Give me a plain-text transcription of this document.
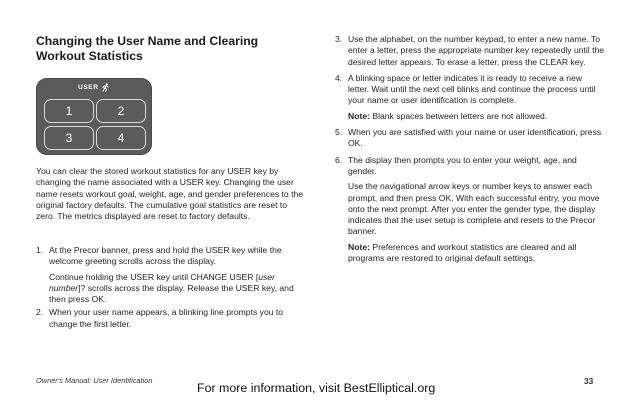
Changing the User Name and Clearing
Workout Statistics
USER
1	2
3	4

You can clear the stored workout statistics for any USER key by changing the name associated with a USER key. Changing the user name resets workout goal, weight, age, and gender preferences to the original factory defaults. The cumulative goal statistics are reset to zero. The metrics displayed are reset to factory defaults.

1. At the Precor banner, press and hold the USER key while the welcome greeting scrolls across the display.

Continue holding the USER key until CHANGE USER [user number]? scrolls across the display. Release the USER key, and then press OK.

2. When your user name appears, a blinking line prompts you to change the first letter.

3. Use the alphabet, on the number keypad, to enter a new name. To enter a letter, press the appropriate number key repeatedly until the desired letter appears. To erase a letter, press the CLEAR key.

4. A blinking space or letter indicates it is ready to receive a new letter. Wait until the next cell blinks and continue the process until your name or user identification is complete.

Note: Blank spaces between letters are not allowed.

5. When you are satisfied with your name or user identification, press OK.

6. The display then prompts you to enter your weight, age, and gender.

Use the navigational arrow keys or number keys to answer each prompt, and then press OK. With each successful entry, you move onto the next prompt. After you enter the gender type, the display indicates that the user setup is complete and resets to the Precor banner.

Note: Preferences and workout statistics are cleared and all programs are restored to original default settings.

Owner's Manual: User Identification	33
For more information, visit BestElliptical.org
